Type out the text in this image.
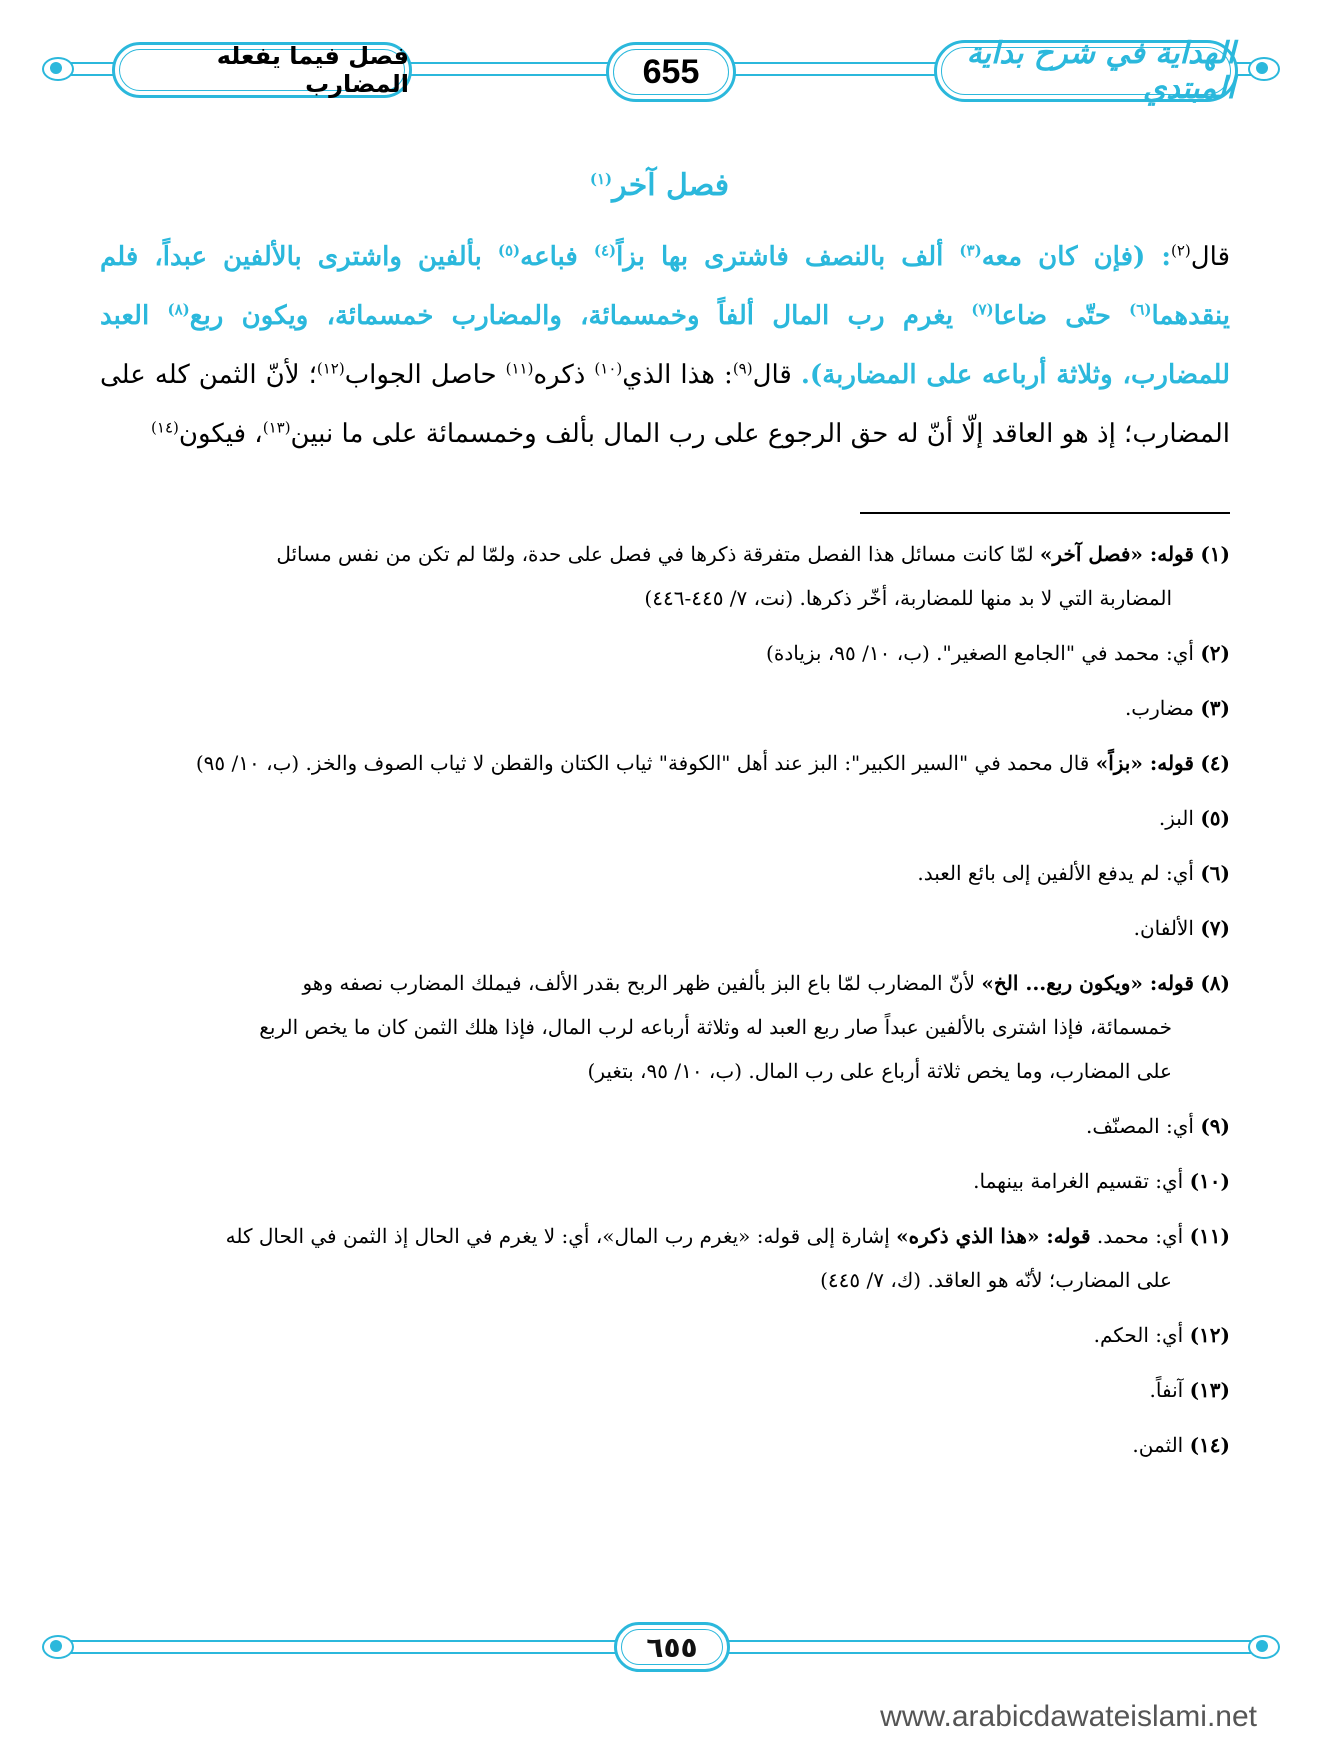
فصل فيما يفعله المضارب	655	الهداية في شرح بداية المبتدي
فصل آخر$^{(١)}$
قال$^{(٢)}$: (فإن كان معه$^{(٣)}$ ألف بالنصف فاشترى بها بزاً$^{(٤)}$ فباعه$^{(٥)}$ بألفين واشترى بالألفين عبداً، فلم ينقدهما$^{(٦)}$ حتّى ضاعا$^{(٧)}$ يغرم رب المال ألفاً وخمسمائة، والمضارب خمسمائة، ويكون ربع$^{(٨)}$ العبد للمضارب، وثلاثة أرباعه على المضاربة). قال$^{(٩)}$: هذا الذي$^{(١٠)}$ ذكره$^{(١١)}$ حاصل الجواب$^{(١٢)}$؛ لأنّ الثمن كله على المضارب؛ إذ هو العاقد إلّا أنّ له حق الرجوع على رب المال بألف وخمسمائة على ما نبين$^{(١٣)}$، فيكون$^{(١٤)}$
(١) قوله: «فصل آخر» لمّا كانت مسائل هذا الفصل متفرقة ذكرها في فصل على حدة، ولمّا لم تكن من نفس مسائل
المضاربة التي لا بد منها للمضاربة، أخّر ذكرها. (نت، ٧/ ٤٤٥-٤٤٦)
(٢) أي: محمد في "الجامع الصغير". (ب، ١٠/ ٩٥، بزيادة)
(٣) مضارب.
(٤) قوله: «بزاً» قال محمد في "السير الكبير": البز عند أهل "الكوفة" ثياب الكتان والقطن لا ثياب الصوف والخز. (ب، ١٠/ ٩٥)
(٥) البز.
(٦) أي: لم يدفع الألفين إلى بائع العبد.
(٧) الألفان.
(٨) قوله: «ويكون ربع... الخ» لأنّ المضارب لمّا باع البز بألفين ظهر الربح بقدر الألف، فيملك المضارب نصفه وهو
خمسمائة، فإذا اشترى بالألفين عبداً صار ربع العبد له وثلاثة أرباعه لرب المال، فإذا هلك الثمن كان ما يخص الربع
على المضارب، وما يخص ثلاثة أرباع على رب المال. (ب، ١٠/ ٩٥، بتغير)
(٩) أي: المصنّف.
(١٠) أي: تقسيم الغرامة بينهما.
(١١) أي: محمد. قوله: «هذا الذي ذكره» إشارة إلى قوله: «يغرم رب المال»، أي: لا يغرم في الحال إذ الثمن في الحال كله
على المضارب؛ لأنّه هو العاقد. (ك، ٧/ ٤٤٥)
(١٢) أي: الحكم.
(١٣) آنفاً.
(١٤) الثمن.
٦٥٥
www.arabicdawateislami.net
